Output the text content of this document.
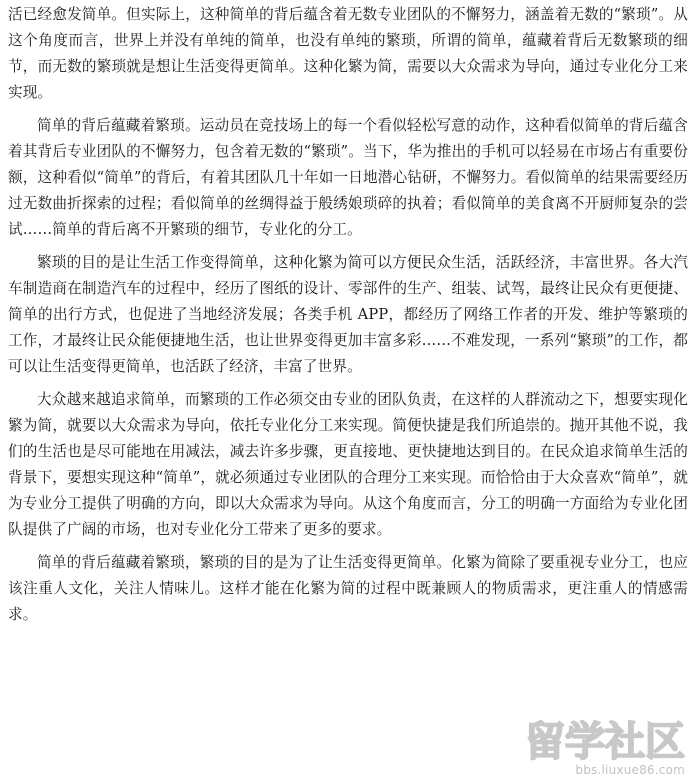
活已经愈发简单。但实际上，这种简单的背后蕴含着无数专业团队的不懈努力，涵盖着无数的“繁琐”。从这个角度而言，世界上并没有单纯的简单，也没有单纯的繁琐，所谓的简单，蕴藏着背后无数繁琐的细节，而无数的繁琐就是想让生活变得更简单。这种化繁为简，需要以大众需求为导向，通过专业化分工来实现。

简单的背后蕴藏着繁琐。运动员在竞技场上的每一个看似轻松写意的动作，这种看似简单的背后蕴含着其背后专业团队的不懈努力，包含着无数的“繁琐”。当下，华为推出的手机可以轻易在市场占有重要份额，这种看似“简单”的背后，有着其团队几十年如一日地潜心钻研，不懈努力。看似简单的结果需要经历过无数曲折探索的过程；看似简单的丝绸得益于般绣娘琐碎的执着；看似简单的美食离不开厨师复杂的尝试……简单的背后离不开繁琐的细节，专业化的分工。

繁琐的目的是让生活工作变得简单，这种化繁为简可以方便民众生活，活跃经济，丰富世界。各大汽车制造商在制造汽车的过程中，经历了图纸的设计、零部件的生产、组装、试驾，最终让民众有更便捷、简单的出行方式，也促进了当地经济发展；各类手机 APP，都经历了网络工作者的开发、维护等繁琐的工作，才最终让民众能便捷地生活，也让世界变得更加丰富多彩……不难发现，一系列“繁琐”的工作，都可以让生活变得更简单，也活跃了经济，丰富了世界。

大众越来越追求简单，而繁琐的工作必须交由专业的团队负责，在这样的人群流动之下，想要实现化繁为简，就要以大众需求为导向，依托专业化分工来实现。简便快捷是我们所追崇的。抛开其他不说，我们的生活也是尽可能地在用减法，减去许多步骤，更直接地、更快捷地达到目的。在民众追求简单生活的背景下，要想实现这种“简单”，就必须通过专业团队的合理分工来实现。而恰恰由于大众喜欢“简单”，就为专业分工提供了明确的方向，即以大众需求为导向。从这个角度而言，分工的明确一方面给为专业化团队提供了广阔的市场，也对专业化分工带来了更多的要求。

简单的背后蕴藏着繁琐，繁琐的目的是为了让生活变得更简单。化繁为简除了要重视专业分工，也应该注重人文化，关注人情味儿。这样才能在化繁为简的过程中既兼顾人的物质需求，更注重人的情感需求。

留学社区
bbs.liuxue86.com
